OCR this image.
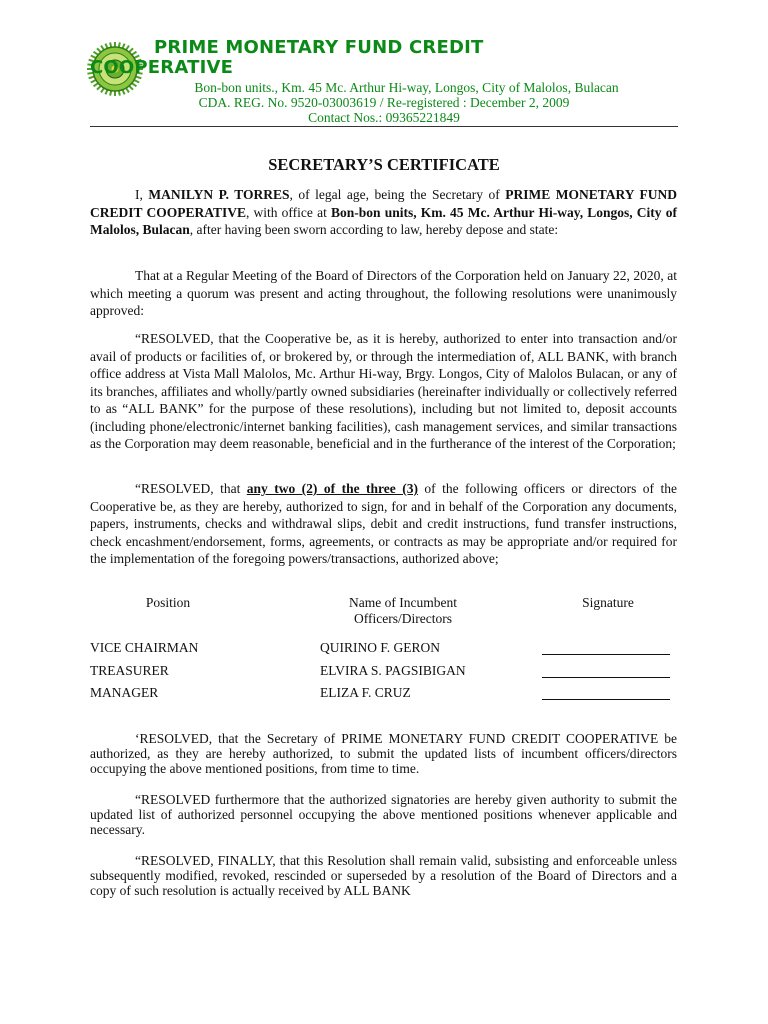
PRIME MONETARY FUND CREDIT
COOPERATIVE
Bon-bon units., Km. 45 Mc. Arthur Hi-way, Longos, City of Malolos, Bulacan
CDA. REG. No. 9520-03003619 / Re-registered : December 2, 2009
Contact Nos.: 09365221849
SECRETARY’S CERTIFICATE

I, MANILYN P. TORRES, of legal age, being the Secretary of PRIME MONETARY FUND CREDIT COOPERATIVE, with office at Bon-bon units, Km. 45 Mc. Arthur Hi-way, Longos, City of Malolos, Bulacan, after having been sworn according to law, hereby depose and state:

That at a Regular Meeting of the Board of Directors of the Corporation held on January 22, 2020, at which meeting a quorum was present and acting throughout, the following resolutions were unanimously approved:

“RESOLVED, that the Cooperative be, as it is hereby, authorized to enter into transaction and/or avail of products or facilities of, or brokered by, or through the intermediation of, ALL BANK, with branch office address at Vista Mall Malolos, Mc. Arthur Hi-way, Brgy. Longos, City of Malolos Bulacan, or any of its branches, affiliates and wholly/partly owned subsidiaries (hereinafter individually or collectively referred to as “ALL BANK” for the purpose of these resolutions), including but not limited to, deposit accounts (including phone/electronic/internet banking facilities), cash management services, and similar transactions as the Corporation may deem reasonable, beneficial and in the furtherance of the interest of the Corporation;

“RESOLVED, that any two (2) of the three (3) of the following officers or directors of the Cooperative be, as they are hereby, authorized to sign, for and in behalf of the Corporation any documents, papers, instruments, checks and withdrawal slips, debit and credit instructions, fund transfer instructions, check encashment/endorsement, forms, agreements, or contracts as may be appropriate and/or required for the implementation of the foregoing powers/transactions, authorized above;

Position	Name of Incumbent
Officers/Directors
Signature
VICE CHAIRMAN	QUIRINO F. GERON
TREASURER	ELVIRA S. PAGSIBIGAN
MANAGER	ELIZA F. CRUZ

‘RESOLVED, that the Secretary of PRIME MONETARY FUND CREDIT COOPERATIVE be authorized, as they are hereby authorized, to submit the updated lists of incumbent officers/directors occupying the above mentioned positions, from time to time.

“RESOLVED furthermore that the authorized signatories are hereby given authority to submit the updated list of authorized personnel occupying the above mentioned positions whenever applicable and necessary.

“RESOLVED, FINALLY, that this Resolution shall remain valid, subsisting and enforceable unless subsequently modified, revoked, rescinded or superseded by a resolution of the Board of Directors and a copy of such resolution is actually received by ALL BANK
